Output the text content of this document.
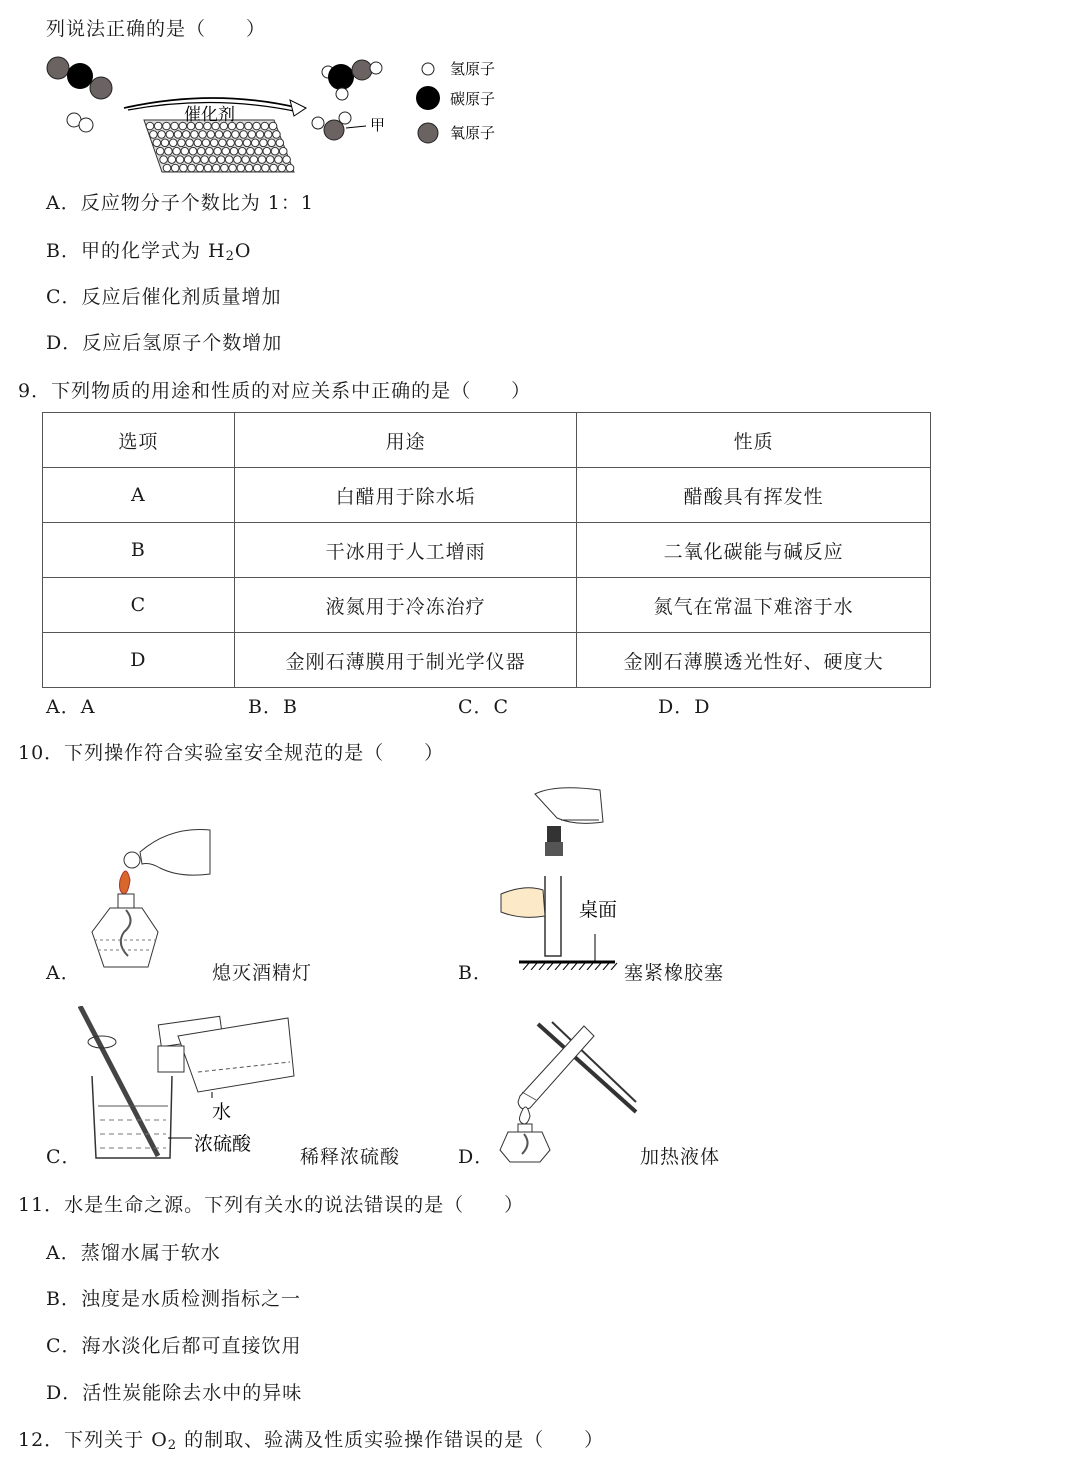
列说法正确的是（　　）
催化剂	甲
氢原子
碳原子
氧原子
A．反应物分子个数比为 1：1
B．甲的化学式为 $H_2O$
C．反应后催化剂质量增加
D．反应后氢原子个数增加
9．下列物质的用途和性质的对应关系中正确的是（　　）
选项	用途	性质
A	白醋用于除水垢	醋酸具有挥发性
B	干冰用于人工增雨	二氧化碳能与碱反应
C	液氮用于冷冻治疗	氮气在常温下难溶于水
D	金刚石薄膜用于制光学仪器	金刚石薄膜透光性好、硬度大
A．A	B．B	C．C	D．D
10．下列操作符合实验室安全规范的是（　　）
A．	熄灭酒精灯
桌面
B．	塞紧橡胶塞
水
浓硫酸
C．	稀释浓硫酸	D．	加热液体
11．水是生命之源。下列有关水的说法错误的是（　　）
A．蒸馏水属于软水
B．浊度是水质检测指标之一
C．海水淡化后都可直接饮用
D．活性炭能除去水中的异味
12．下列关于 $O_2$ 的制取、验满及性质实验操作错误的是（　　）
